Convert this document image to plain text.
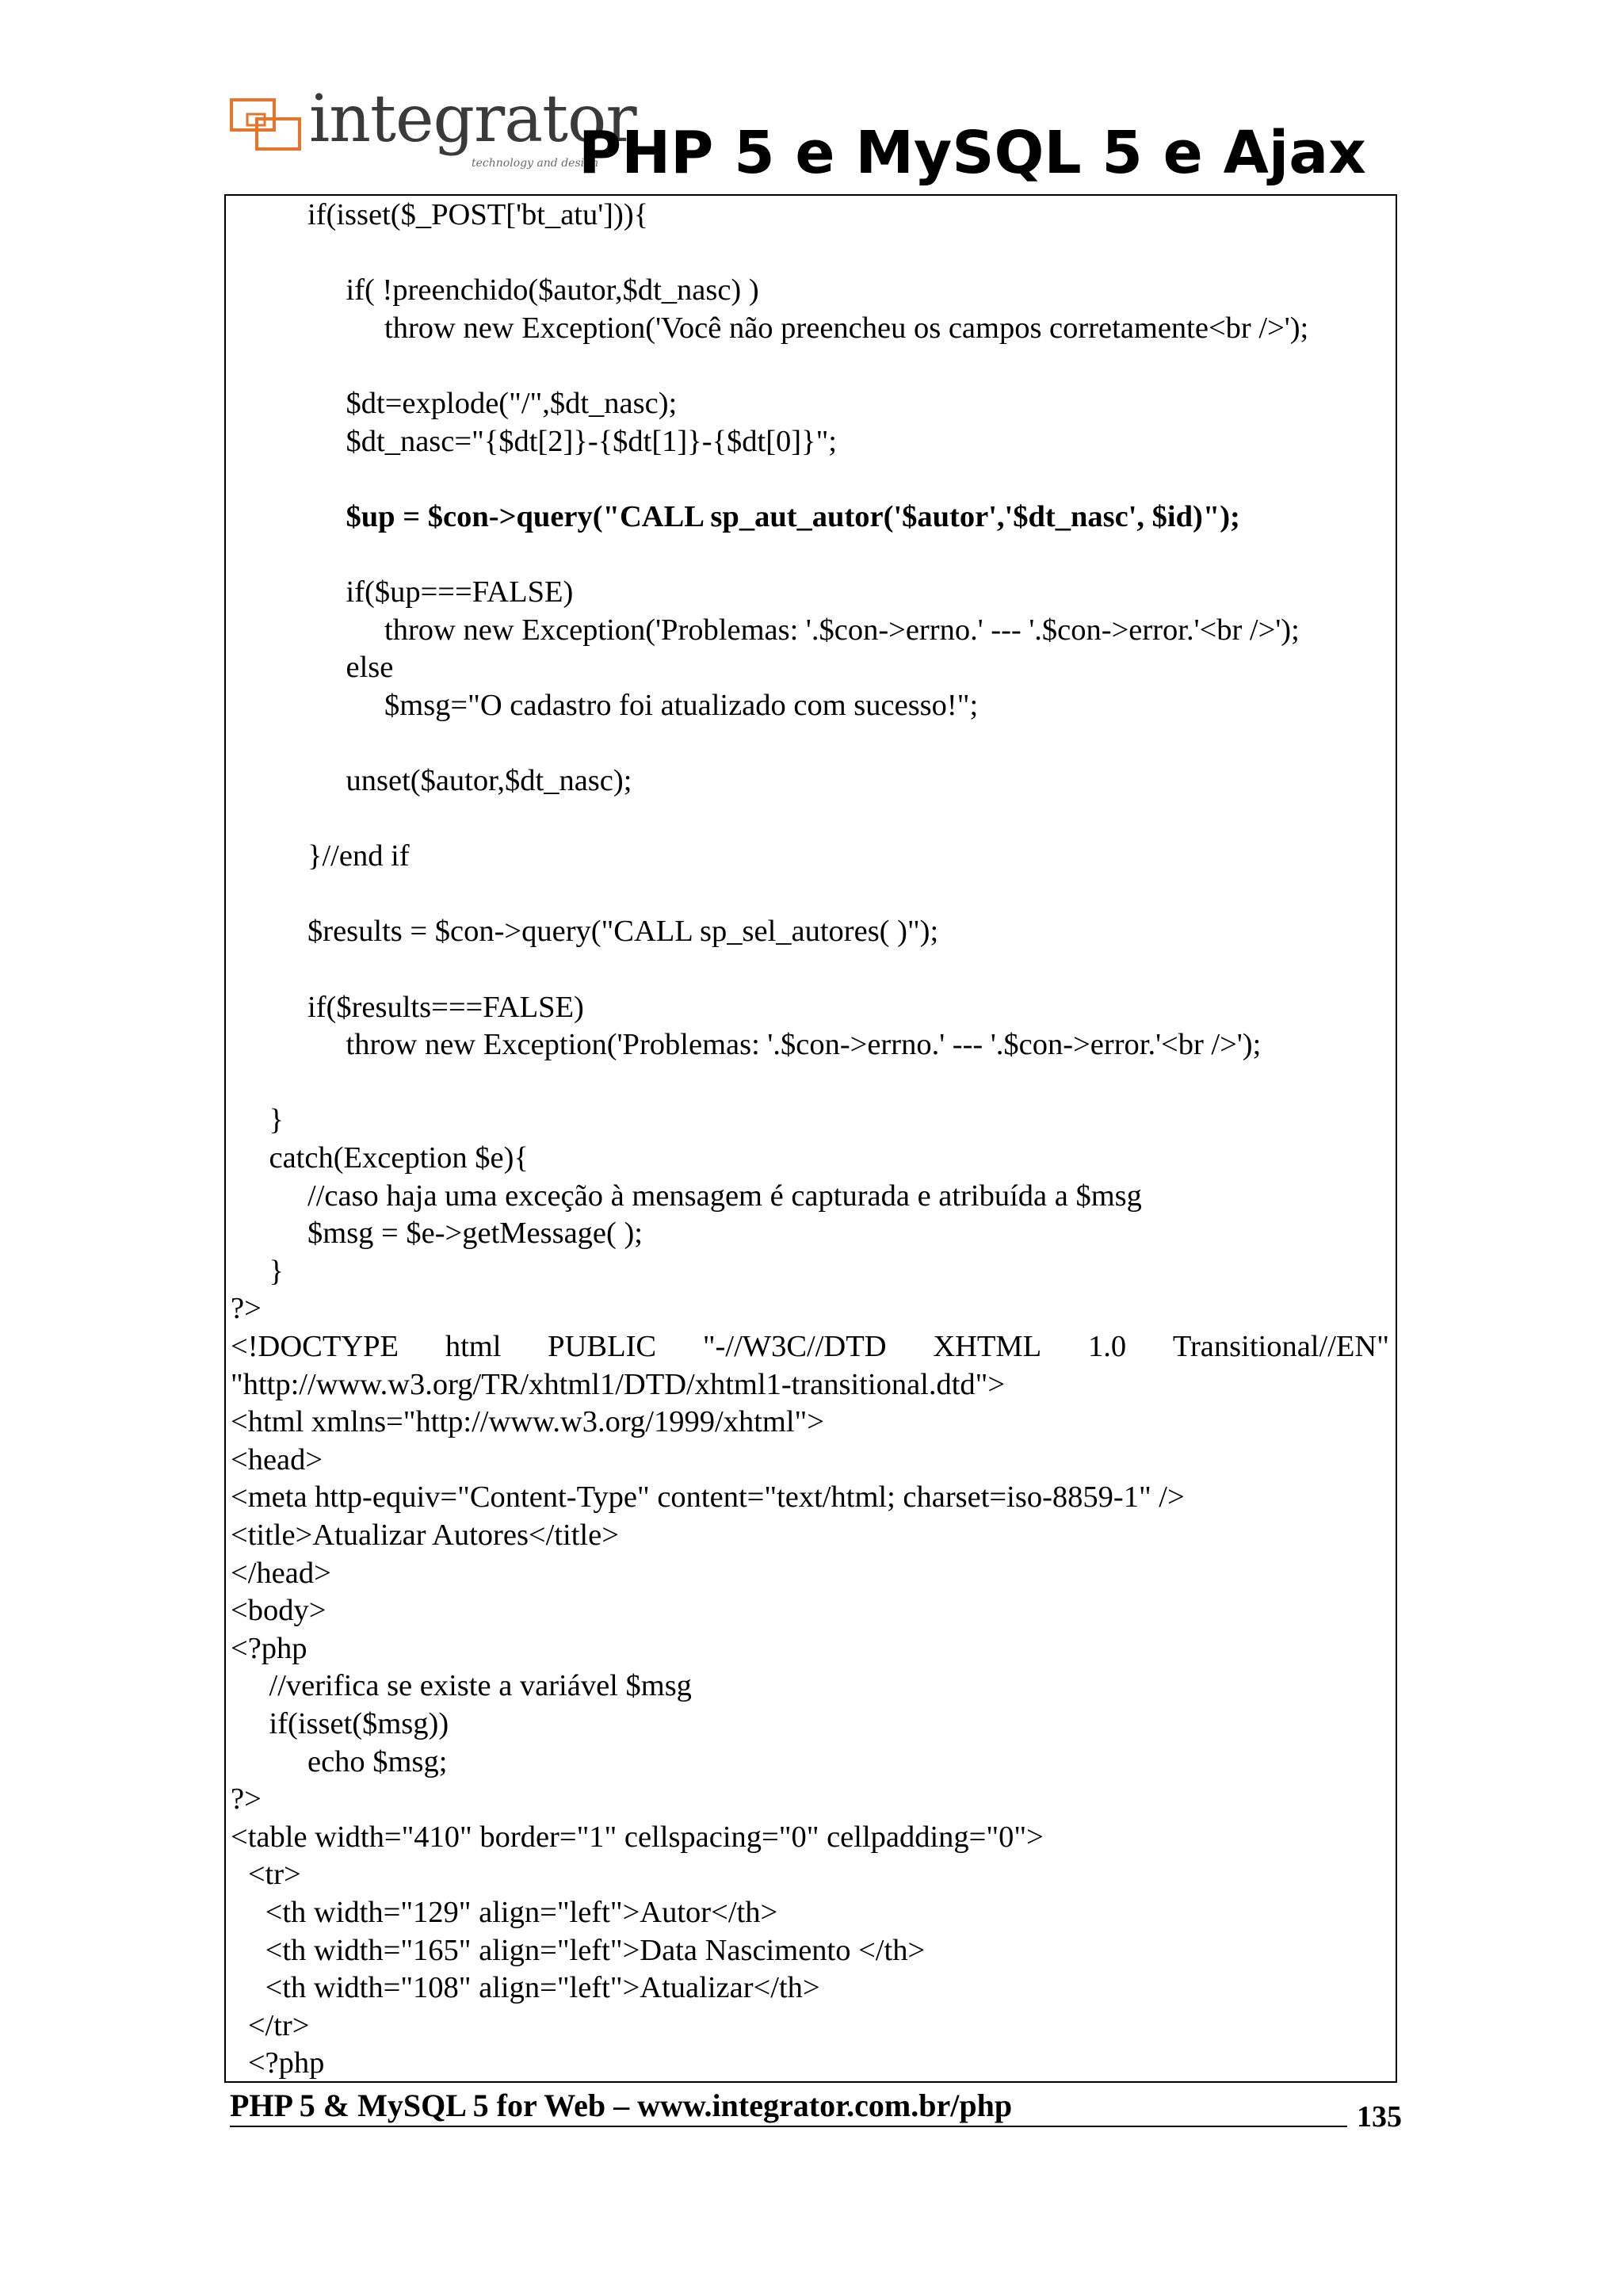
integrator
technology and design
PHP 5 e MySQL 5 e Ajax
if(isset($_POST['bt_atu'])){
if( !preenchido($autor,$dt_nasc) )
throw new Exception('Você não preencheu os campos corretamente<br />');
$dt=explode("/",$dt_nasc);
$dt_nasc="{$dt[2]}-{$dt[1]}-{$dt[0]}";
$up = $con->query("CALL sp_aut_autor('$autor','$dt_nasc', $id)");
if($up===FALSE)
throw new Exception('Problemas: '.$con->errno.' --- '.$con->error.'<br />');
else
$msg="O cadastro foi atualizado com sucesso!";
unset($autor,$dt_nasc);
}//end if
$results = $con->query("CALL sp_sel_autores( )");
if($results===FALSE)
throw new Exception('Problemas: '.$con->errno.' --- '.$con->error.'<br />');
}
catch(Exception $e){
//caso haja uma exceção à mensagem é capturada e atribuída a $msg
$msg = $e->getMessage( );
}
?>
<!DOCTYPE html PUBLIC "-//W3C//DTD XHTML 1.0 Transitional//EN"
"http://www.w3.org/TR/xhtml1/DTD/xhtml1-transitional.dtd">
<html xmlns="http://www.w3.org/1999/xhtml">
<head>
<meta http-equiv="Content-Type" content="text/html; charset=iso-8859-1" />
<title>Atualizar Autores</title>
</head>
<body>
<?php
//verifica se existe a variável $msg
if(isset($msg))
echo $msg;
?>
<table width="410" border="1" cellspacing="0" cellpadding="0">
<tr>
<th width="129" align="left">Autor</th>
<th width="165" align="left">Data Nascimento </th>
<th width="108" align="left">Atualizar</th>
</tr>
<?php
PHP 5 & MySQL 5 for Web – www.integrator.com.br/php	135
